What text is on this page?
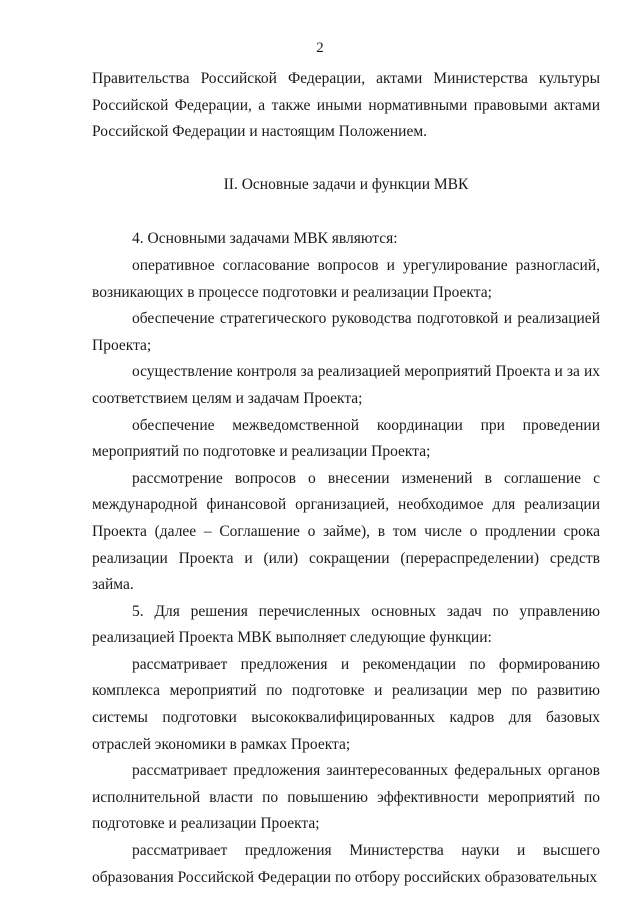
2

Правительства Российской Федерации, актами Министерства культуры Российской Федерации, а также иными нормативными правовыми актами Российской Федерации и настоящим Положением.

II. Основные задачи и функции МВК

4. Основными задачами МВК являются:

оперативное согласование вопросов и урегулирование разногласий, возникающих в процессе подготовки и реализации Проекта;

обеспечение стратегического руководства подготовкой и реализацией Проекта;

осуществление контроля за реализацией мероприятий Проекта и за их соответствием целям и задачам Проекта;

обеспечение межведомственной координации при проведении мероприятий по подготовке и реализации Проекта;

рассмотрение вопросов о внесении изменений в соглашение с международной финансовой организацией, необходимое для реализации Проекта (далее – Соглашение о займе), в том числе о продлении срока реализации Проекта и (или) сокращении (перераспределении) средств займа.

5. Для решения перечисленных основных задач по управлению реализацией Проекта МВК выполняет следующие функции:

рассматривает предложения и рекомендации по формированию комплекса мероприятий по подготовке и реализации мер по развитию системы подготовки высококвалифицированных кадров для базовых отраслей экономики в рамках Проекта;

рассматривает предложения заинтересованных федеральных органов исполнительной власти по повышению эффективности мероприятий по подготовке и реализации Проекта;

рассматривает предложения Министерства науки и высшего образования Российской Федерации по отбору российских образовательных
